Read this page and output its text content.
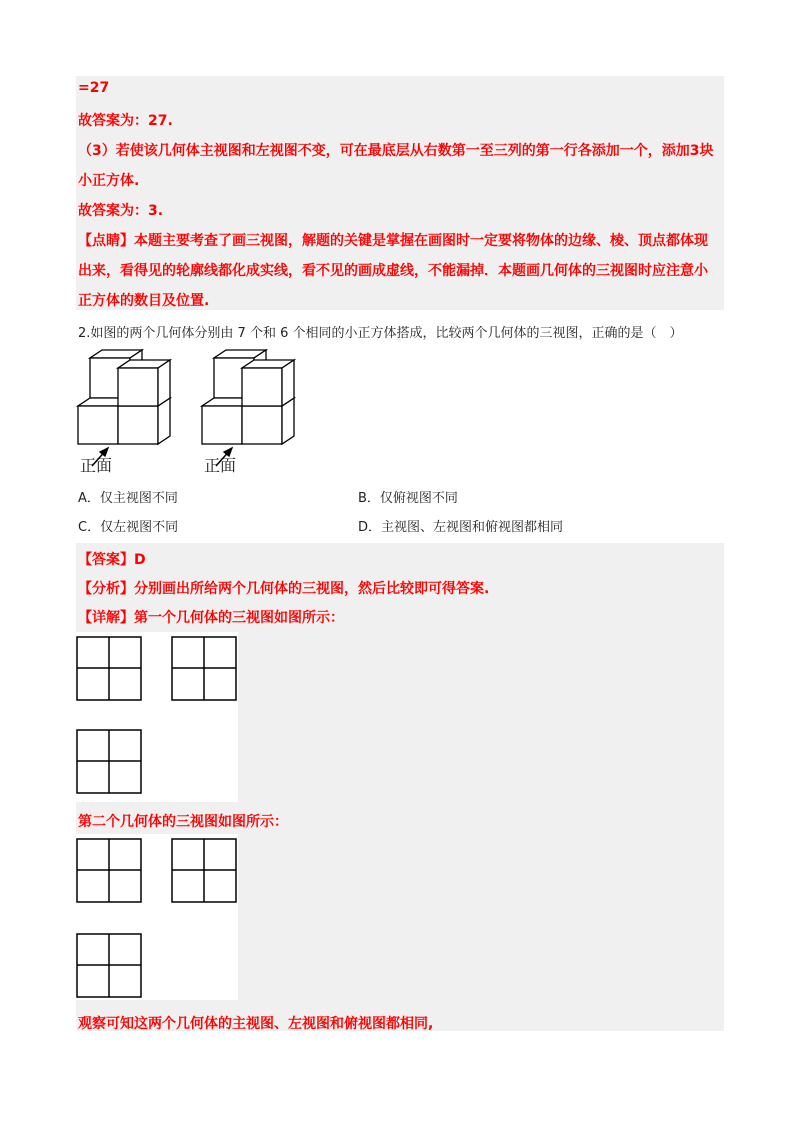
=27
故答案为：27.
（3）若使该几何体主视图和左视图不变，可在最底层从右数第一至三列的第一行各添加一个，添加3块
小正方体.
故答案为：3.
【点睛】本题主要考查了画三视图，解题的关键是掌握在画图时一定要将物体的边缘、棱、顶点都体现
出来，看得见的轮廓线都化成实线，看不见的画成虚线，不能漏掉．本题画几何体的三视图时应注意小
正方体的数目及位置.
2.如图的两个几何体分别由 7 个和 6 个相同的小正方体搭成，比较两个几何体的三视图，正确的是（　）
正面	正面
A．仅主视图不同	B．仅俯视图不同
C．仅左视图不同	D．主视图、左视图和俯视图都相同
【答案】D
【分析】分别画出所给两个几何体的三视图，然后比较即可得答案.
【详解】第一个几何体的三视图如图所示：
第二个几何体的三视图如图所示：
观察可知这两个几何体的主视图、左视图和俯视图都相同,
